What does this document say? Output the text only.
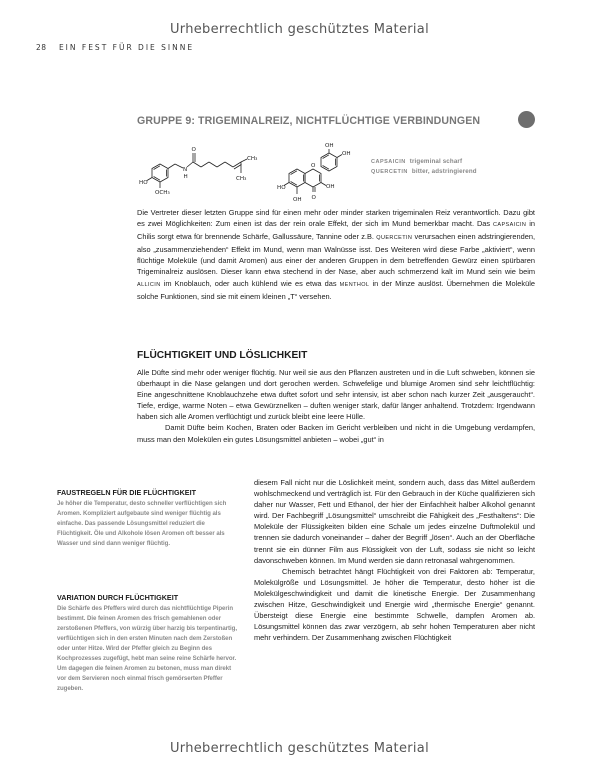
Urheberrechtlich geschütztes Material
28 EIN FEST FÜR DIE SINNE
GRUPPE 9: TRIGEMINALREIZ, NICHTFLÜCHTIGE VERBINDUNGEN
HO
OCH₃
O
N
H
CH₃
CH₃
OH
OH
HO
O
OH
OH O
CAPSAICIN trigeminal scharf
QUERCETIN bitter, adstringierend

Die Vertreter dieser letzten Gruppe sind für einen mehr oder minder starken trigeminalen Reiz verantwortlich. Dazu gibt es zwei Möglichkeiten: Zum einen ist das der rein orale Effekt, der sich im Mund bemerkbar macht. Das CAPSAICIN in Chilis sorgt etwa für brennende Schärfe, Gallussäure, Tannine oder z.B. QUERCETIN verursachen einen adstringierenden, also „zusammenziehenden“ Effekt im Mund, wenn man Walnüsse isst. Des Weiteren wird diese Farbe „aktiviert“, wenn flüchtige Moleküle (und damit Aromen) aus einer der anderen Gruppen in dem betreffenden Gewürz einen spürbaren Trigeminalreiz auslösen. Dieser kann etwa stechend in der Nase, aber auch schmerzend kalt im Mund sein wie beim ALLICIN im Knoblauch, oder auch kühlend wie es etwa das MENTHOL in der Minze auslöst. Übernehmen die Moleküle solche Funktionen, sind sie mit einem kleinen „T“ versehen.

FLÜCHTIGKEIT UND LÖSLICHKEIT

Alle Düfte sind mehr oder weniger flüchtig. Nur weil sie aus den Pflanzen austreten und in die Luft schweben, können sie überhaupt in die Nase gelangen und dort gerochen werden. Schwefelige und blumige Aromen sind sehr leichtflüchtig: Eine angeschnittene Knoblauchzehe etwa duftet sofort und sehr intensiv, ist aber schon nach kurzer Zeit „ausgeraucht“. Tiefe, erdige, warme Noten – etwa Gewürznelken – duften weniger stark, dafür länger anhaltend. Trotzdem: Irgendwann haben sich alle Aromen verflüchtigt und zurück bleibt eine leere Hülle.

Damit Düfte beim Kochen, Braten oder Backen im Gericht verbleiben und nicht in die Umgebung verdampfen, muss man den Molekülen ein gutes Lösungsmittel anbieten – wobei „gut“ in

diesem Fall nicht nur die Löslichkeit meint, sondern auch, dass das Mittel außerdem wohlschmeckend und verträglich ist. Für den Gebrauch in der Küche qualifizieren sich daher nur Wasser, Fett und Ethanol, der hier der Einfachheit halber Alkohol genannt wird. Der Fachbegriff „Lösungsmittel“ umschreibt die Fähigkeit des „Festhaltens“: Die Moleküle der Flüssigkeiten bilden eine Schale um jedes einzelne Duftmolekül und trennen sie dadurch voneinander – daher der Begriff „lösen“. Auch an der Oberfläche trennt sie ein dünner Film aus Flüssigkeit von der Luft, sodass sie nicht so leicht davonschweben können. Im Mund werden sie dann retronasal wahrgenommen.

Chemisch betrachtet hängt Flüchtigkeit von drei Faktoren ab: Temperatur, Molekülgröße und Lösungsmittel. Je höher die Temperatur, desto höher ist die Molekülgeschwindigkeit und damit die kinetische Energie. Der Zusammenhang zwischen Hitze, Geschwindigkeit und Energie wird „thermische Energie“ genannt. Übersteigt diese Energie eine bestimmte Schwelle, dampfen Aromen ab. Lösungsmittel können das zwar verzögern, ab sehr hohen Temperaturen aber nicht mehr verhindern. Der Zusammenhang zwischen Flüchtigkeit

FAUSTREGELN FÜR DIE FLÜCHTIGKEIT

Je höher die Temperatur, desto schneller verflüchtigen sich Aromen. Kompliziert aufgebaute sind weniger flüchtig als einfache. Das passende Lösungsmittel reduziert die Flüchtigkeit. Öle und Alkohole lösen Aromen oft besser als Wasser und sind dann weniger flüchtig.

VARIATION DURCH FLÜCHTIGKEIT

Die Schärfe des Pfeffers wird durch das nichtflüchtige Piperin bestimmt. Die feinen Aromen des frisch gemahlenen oder zerstoßenen Pfeffers, von würzig über harzig bis terpentinartig, verflüchtigen sich in den ersten Minuten nach dem Zerstoßen oder unter Hitze. Wird der Pfeffer gleich zu Beginn des Kochprozesses zugefügt, hebt man seine reine Schärfe hervor. Um dagegen die feinen Aromen zu betonen, muss man direkt vor dem Servieren noch einmal frisch gemörserten Pfeffer zugeben.

Urheberrechtlich geschütztes Material
